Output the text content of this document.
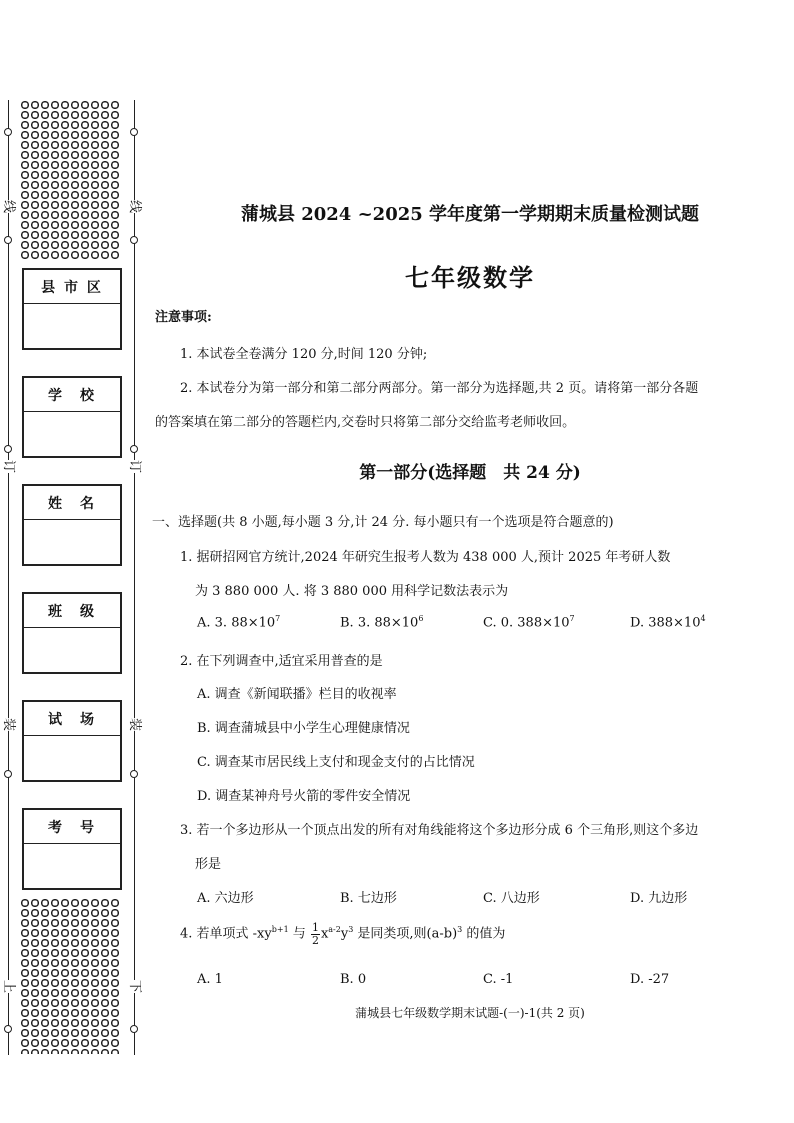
线
订
装
上
线
订
装
下
县 市 区
学　校
姓　名
班　级
试　场
考　号
蒲城县 2024 ~2025 学年度第一学期期末质量检测试题
七年级数学
注意事项:
1. 本试卷全卷满分 120 分,时间 120 分钟;
2. 本试卷分为第一部分和第二部分两部分。第一部分为选择题,共 2 页。请将第一部分各题
的答案填在第二部分的答题栏内,交卷时只将第二部分交给监考老师收回。
第一部分(选择题　共 24 分)
一、选择题(共 8 小题,每小题 3 分,计 24 分. 每小题只有一个选项是符合题意的)
1. 据研招网官方统计,2024 年研究生报考人数为 438 000 人,预计 2025 年考研人数
为 3 880 000 人. 将 3 880 000 用科学记数法表示为
A. 3. $88\times 10^7$	B. 3. $88\times 10^6$	C. 0. $388\times 10^7$	D. $388\times 10^4$
2. 在下列调查中,适宜采用普查的是
A. 调查《新闻联播》栏目的收视率
B. 调查蒲城县中小学生心理健康情况
C. 调查某市居民线上支付和现金支付的占比情况
D. 调查某神舟号火箭的零件安全情况
3. 若一个多边形从一个顶点出发的所有对角线能将这个多边形分成 6 个三角形,则这个多边
形是
A. 六边形	B. 七边形	C. 八边形	D. 九边形
4. 若单项式 $-xy^{b+1}$ 与 $\frac{1}{2} x^{a-2}y^3$ 是同类项,则$(a-b)^3$ 的值为
A. 1	B. 0	C. -1	D. -27
蒲城县七年级数学期末试题-(一)-1(共 2 页)
